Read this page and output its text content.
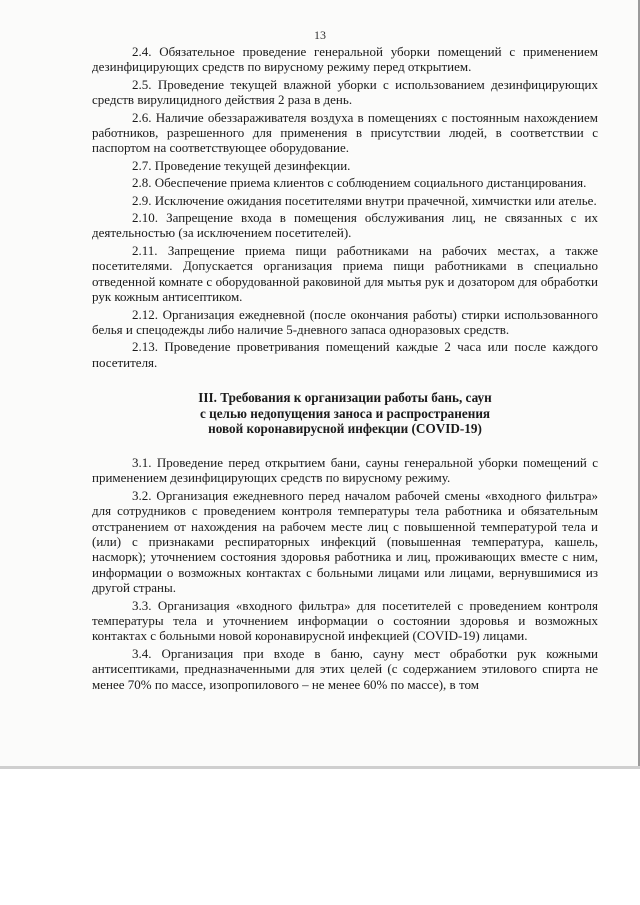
13

2.4. Обязательное проведение генеральной уборки помещений с применением дезинфицирующих средств по вирусному режиму перед открытием.

2.5. Проведение текущей влажной уборки с использованием дезинфицирующих средств вирулицидного действия 2 раза в день.

2.6. Наличие обеззараживателя воздуха в помещениях с постоянным нахождением работников, разрешенного для применения в присутствии людей, в соответствии с паспортом на соответствующее оборудование.

2.7. Проведение текущей дезинфекции.

2.8. Обеспечение приема клиентов с соблюдением социального дистанцирования.

2.9. Исключение ожидания посетителями внутри прачечной, химчистки или ателье.

2.10. Запрещение входа в помещения обслуживания лиц, не связанных с их деятельностью (за исключением посетителей).

2.11. Запрещение приема пищи работниками на рабочих местах, а также посетителями. Допускается организация приема пищи работниками в специально отведенной комнате с оборудованной раковиной для мытья рук и дозатором для обработки рук кожным антисептиком.

2.12. Организация ежедневной (после окончания работы) стирки использованного белья и спецодежды либо наличие 5-дневного запаса одноразовых средств.

2.13. Проведение проветривания помещений каждые 2 часа или после каждого посетителя.

III. Требования к организации работы бань, саун
с целью недопущения заноса и распространения
новой коронавирусной инфекции (COVID-19)

3.1. Проведение перед открытием бани, сауны генеральной уборки помещений с применением дезинфицирующих средств по вирусному режиму.

3.2. Организация ежедневного перед началом рабочей смены «входного фильтра» для сотрудников с проведением контроля температуры тела работника и обязательным отстранением от нахождения на рабочем месте лиц с повышенной температурой тела и (или) с признаками респираторных инфекций (повышенная температура, кашель, насморк); уточнением состояния здоровья работника и лиц, проживающих вместе с ним, информации о возможных контактах с больными лицами или лицами, вернувшимися из другой страны.

3.3. Организация «входного фильтра» для посетителей с проведением контроля температуры тела и уточнением информации о состоянии здоровья и возможных контактах с больными новой коронавирусной инфекцией (COVID-19) лицами.

3.4. Организация при входе в баню, сауну мест обработки рук кожными антисептиками, предназначенными для этих целей (с содержанием этилового спирта не менее 70% по массе, изопропилового – не менее 60% по массе), в том
